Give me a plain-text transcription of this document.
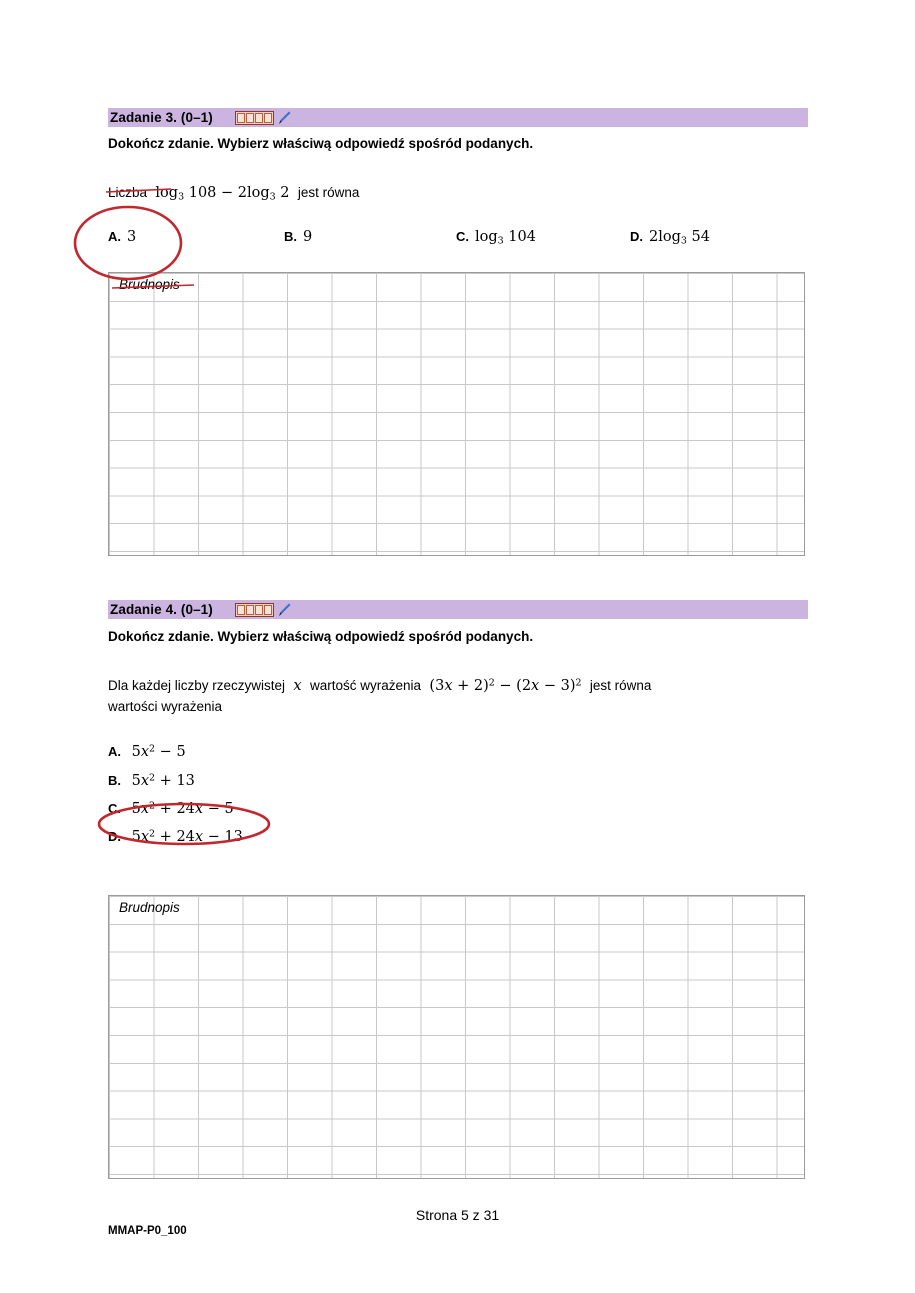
Zadanie 3. (0–1)
Dokończ zdanie. Wybierz właściwą odpowiedź spośród podanych.
Liczba  $\log_3 108 - 2\log_3$ 2  jest równa
A. 3	B. 9	C. $\log_3 104$	D. $2\log_3$ 54
Brudnopis
Zadanie 4. (0–1)
Dokończ zdanie. Wybierz właściwą odpowiedź spośród podanych.
Dla każdej liczby rzeczywistej  x  wartość wyrażenia  $(3x + 2)^2 - (2x - 3)^2$ jest równa
wartości wyrażenia
A. $5x^2 - 5$
B. $5x^2 + 13$
C. $5x^2 + 24x - 5$
D. $5x^2 + 24x - 13$
Brudnopis
Strona 5 z 31
MMAP-P0_100
